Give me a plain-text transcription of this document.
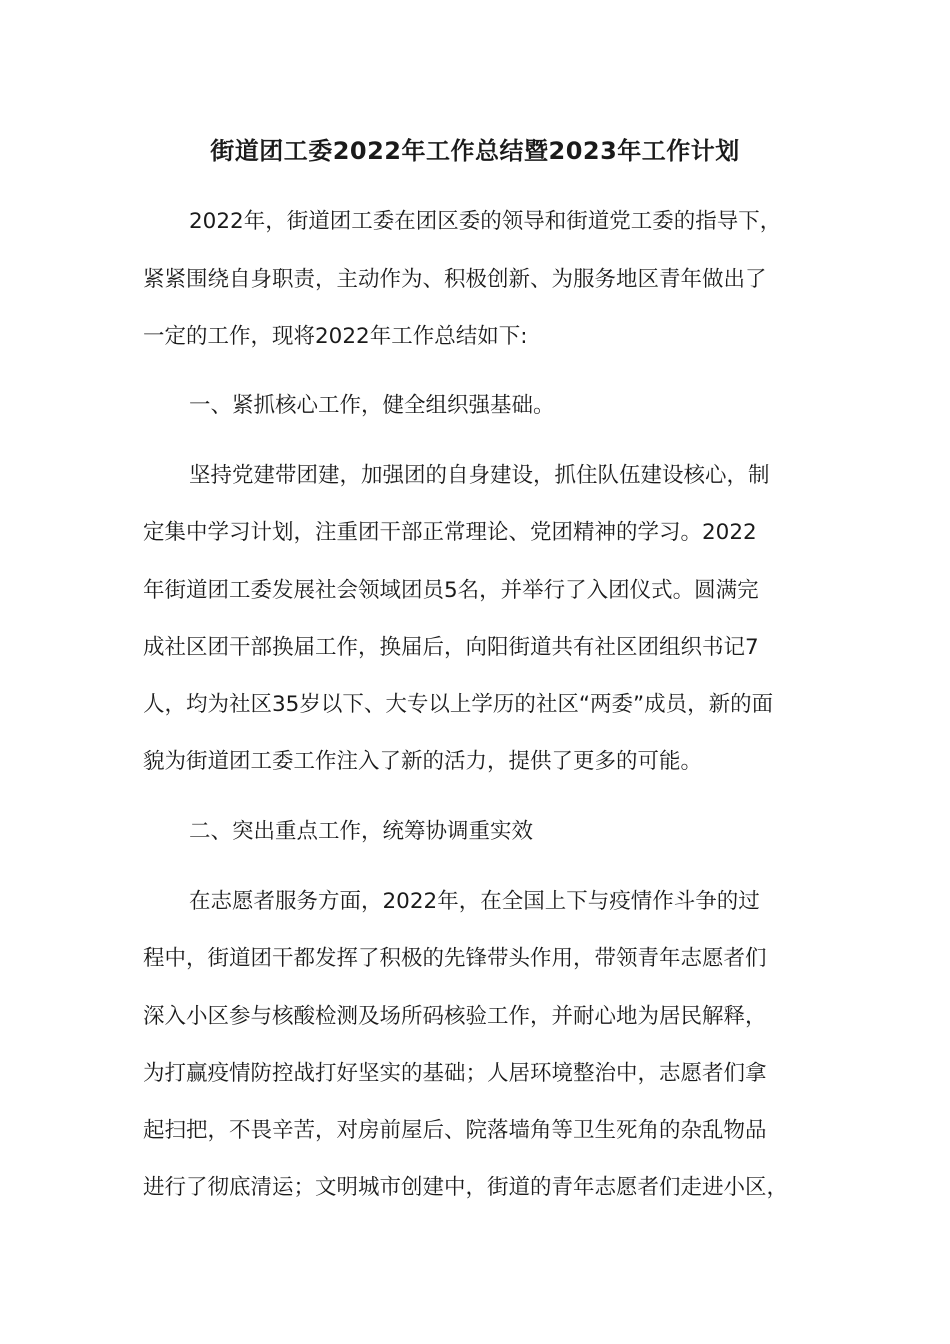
街道团工委2022年工作总结暨2023年工作计划

2022年，街道团工委在团区委的领导和街道党工委的指导下，

紧紧围绕自身职责，主动作为、积极创新、为服务地区青年做出了

一定的工作，现将2022年工作总结如下:

一、紧抓核心工作，健全组织强基础。

坚持党建带团建，加强团的自身建设，抓住队伍建设核心，制

定集中学习计划，注重团干部正常理论、党团精神的学习。2022

年街道团工委发展社会领域团员5名，并举行了入团仪式。圆满完

成社区团干部换届工作，换届后，向阳街道共有社区团组织书记7

人，均为社区35岁以下、大专以上学历的社区“两委”成员，新的面

貌为街道团工委工作注入了新的活力，提供了更多的可能。

二、突出重点工作，统筹协调重实效

在志愿者服务方面，2022年，在全国上下与疫情作斗争的过

程中，街道团干都发挥了积极的先锋带头作用，带领青年志愿者们

深入小区参与核酸检测及场所码核验工作，并耐心地为居民解释，

为打赢疫情防控战打好坚实的基础；人居环境整治中，志愿者们拿

起扫把，不畏辛苦，对房前屋后、院落墙角等卫生死角的杂乱物品

进行了彻底清运；文明城市创建中，街道的青年志愿者们走进小区，
